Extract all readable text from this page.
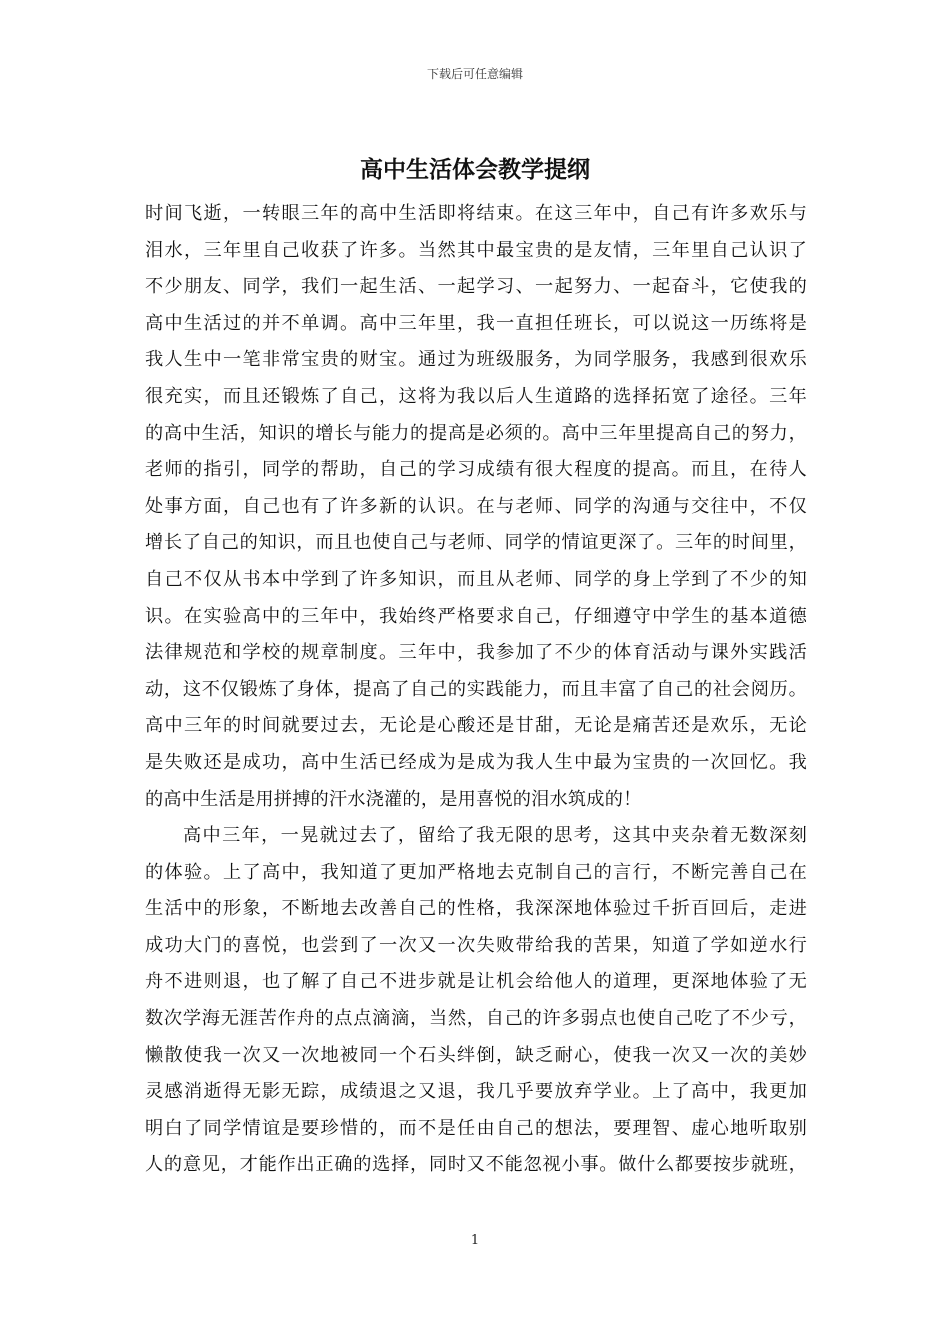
下载后可任意编辑
高中生活体会教学提纲
时间飞逝，一转眼三年的高中生活即将结束。在这三年中，自己有许多欢乐与
泪水，三年里自己收获了许多。当然其中最宝贵的是友情，三年里自己认识了
不少朋友、同学，我们一起生活、一起学习、一起努力、一起奋斗，它使我的
高中生活过的并不单调。高中三年里，我一直担任班长，可以说这一历练将是
我人生中一笔非常宝贵的财宝。通过为班级服务，为同学服务，我感到很欢乐
很充实，而且还锻炼了自己，这将为我以后人生道路的选择拓宽了途径。三年
的高中生活，知识的增长与能力的提高是必须的。高中三年里提高自己的努力，
老师的指引，同学的帮助，自己的学习成绩有很大程度的提高。而且，在待人
处事方面，自己也有了许多新的认识。在与老师、同学的沟通与交往中，不仅
增长了自己的知识，而且也使自己与老师、同学的情谊更深了。三年的时间里，
自己不仅从书本中学到了许多知识，而且从老师、同学的身上学到了不少的知
识。在实验高中的三年中，我始终严格要求自己，仔细遵守中学生的基本道德
法律规范和学校的规章制度。三年中，我参加了不少的体育活动与课外实践活
动，这不仅锻炼了身体，提高了自己的实践能力，而且丰富了自己的社会阅历。
高中三年的时间就要过去，无论是心酸还是甘甜，无论是痛苦还是欢乐，无论
是失败还是成功，高中生活已经成为是成为我人生中最为宝贵的一次回忆。我
的高中生活是用拼搏的汗水浇灌的，是用喜悦的泪水筑成的！
高中三年，一晃就过去了，留给了我无限的思考，这其中夹杂着无数深刻
的体验。上了高中，我知道了更加严格地去克制自己的言行，不断完善自己在
生活中的形象，不断地去改善自己的性格，我深深地体验过千折百回后，走进
成功大门的喜悦，也尝到了一次又一次失败带给我的苦果，知道了学如逆水行
舟不进则退，也了解了自己不进步就是让机会给他人的道理，更深地体验了无
数次学海无涯苦作舟的点点滴滴，当然，自己的许多弱点也使自己吃了不少亏，
懒散使我一次又一次地被同一个石头绊倒，缺乏耐心，使我一次又一次的美妙
灵感消逝得无影无踪，成绩退之又退，我几乎要放弃学业。上了高中，我更加
明白了同学情谊是要珍惜的，而不是任由自己的想法，要理智、虚心地听取别
人的意见，才能作出正确的选择，同时又不能忽视小事。做什么都要按步就班，
1
